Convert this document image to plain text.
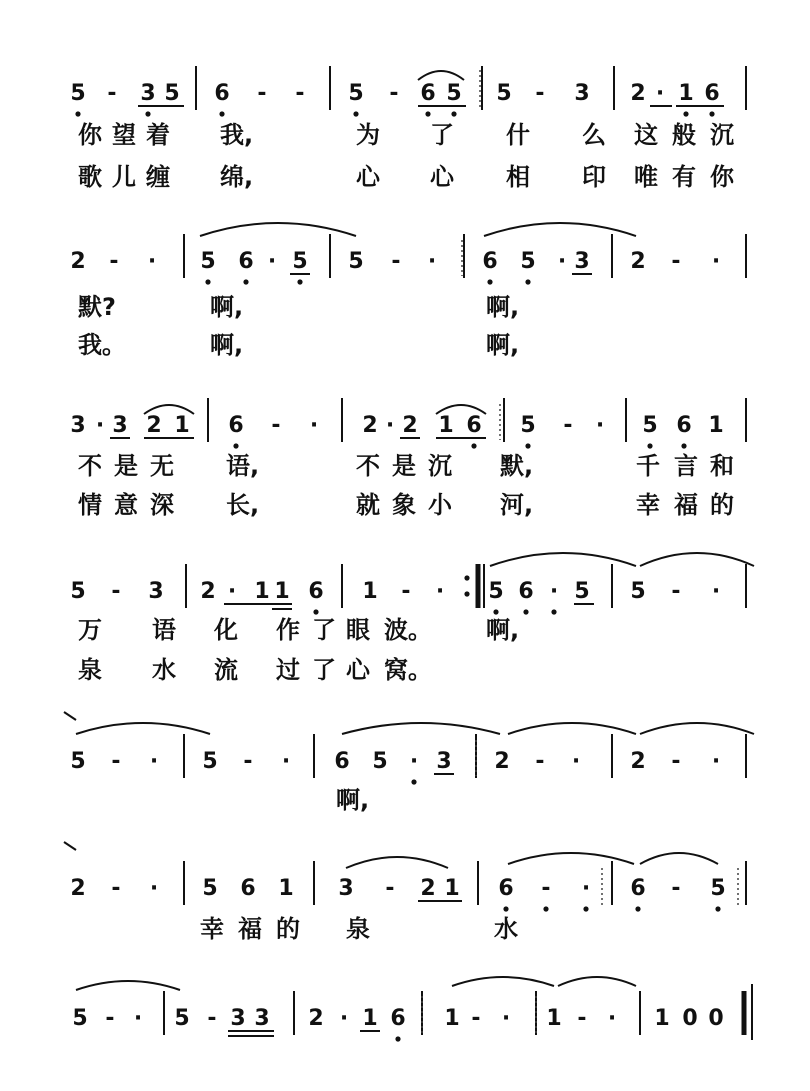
5 - 3 5 6 - - 5 - 6 5 5 - 3 2 · 1 6
2 - · 5 6 · 5 5 - · 6 5 · 3 2 - ·
3 · 3 2 1 6 - · 2 · 2 1 6 5 - · 5 6 1
5 - 3 2 · 1 1 6 1 - · 5 6 · 5 5 - ·
5 - · 5 - · 6 5 · 3 2 - · 2 - ·
2 - · 5 6 1 3 - 2 1 6 - · 6 - 5
5 - · 5 - 3 3 2 · 1 6 1 - · 1 - · 1 0 0
你 望 着 我,	为 了 什 么 这 般 沉
歌 儿 缠 绵,	心 心 相 印 唯 有 你
默?	啊,	啊,
我。	啊,	啊,
不 是 无 语,	不 是 沉 默,	千 言 和
情 意 深 长,	就 象 小 河,	幸 福 的
万 语 化 作 了 眼 波。 啊,
泉 水 流 过 了 心 窝。
啊,
幸 福 的 泉	水
